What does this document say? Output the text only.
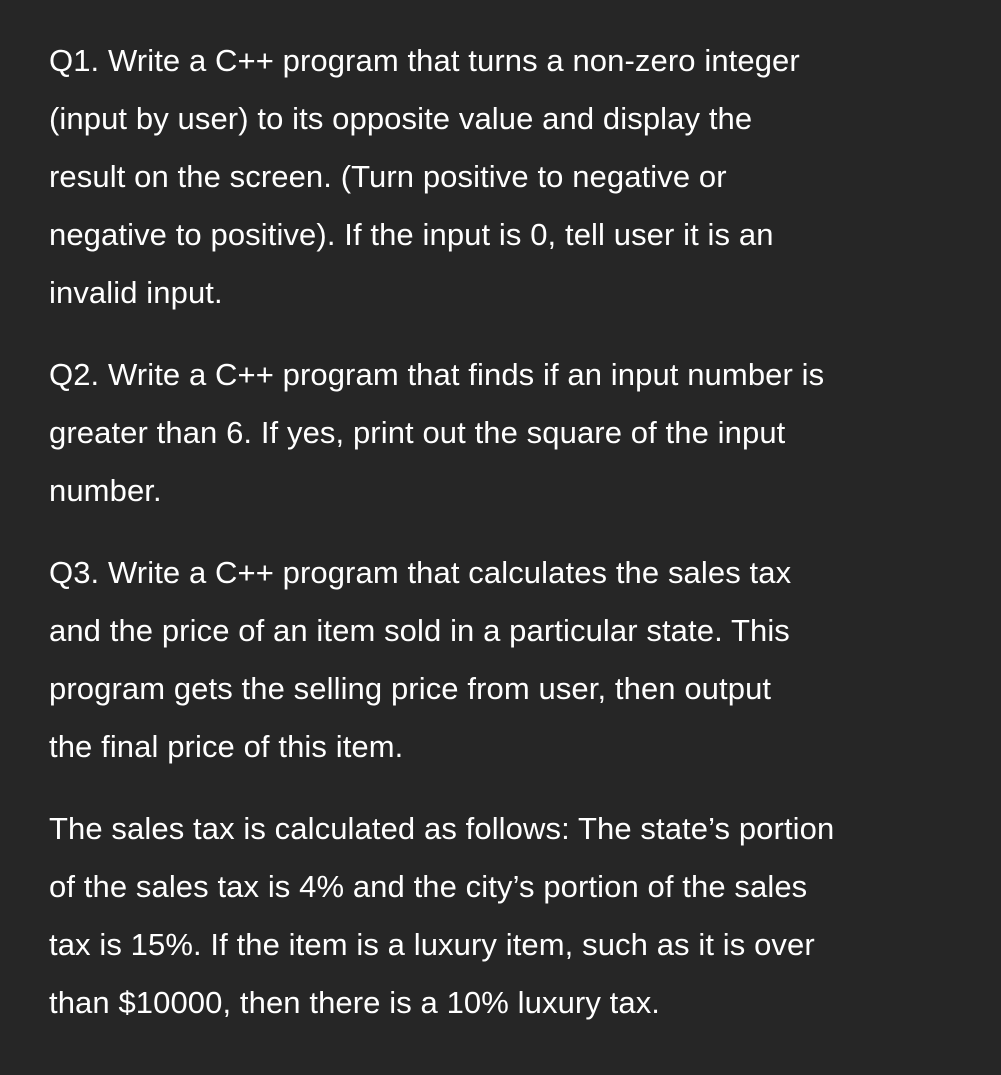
Q1. Write a C++ program that turns a non-zero integer
(input by user) to its opposite value and display the
result on the screen. (Turn positive to negative or
negative to positive). If the input is 0, tell user it is an
invalid input.

Q2. Write a C++ program that finds if an input number is
greater than 6. If yes, print out the square of the input
number.

Q3. Write a C++ program that calculates the sales tax
and the price of an item sold in a particular state. This
program gets the selling price from user, then output
the final price of this item.

The sales tax is calculated as follows: The state’s portion
of the sales tax is 4% and the city’s portion of the sales
tax is 15%. If the item is a luxury item, such as it is over
than $10000, then there is a 10% luxury tax.
